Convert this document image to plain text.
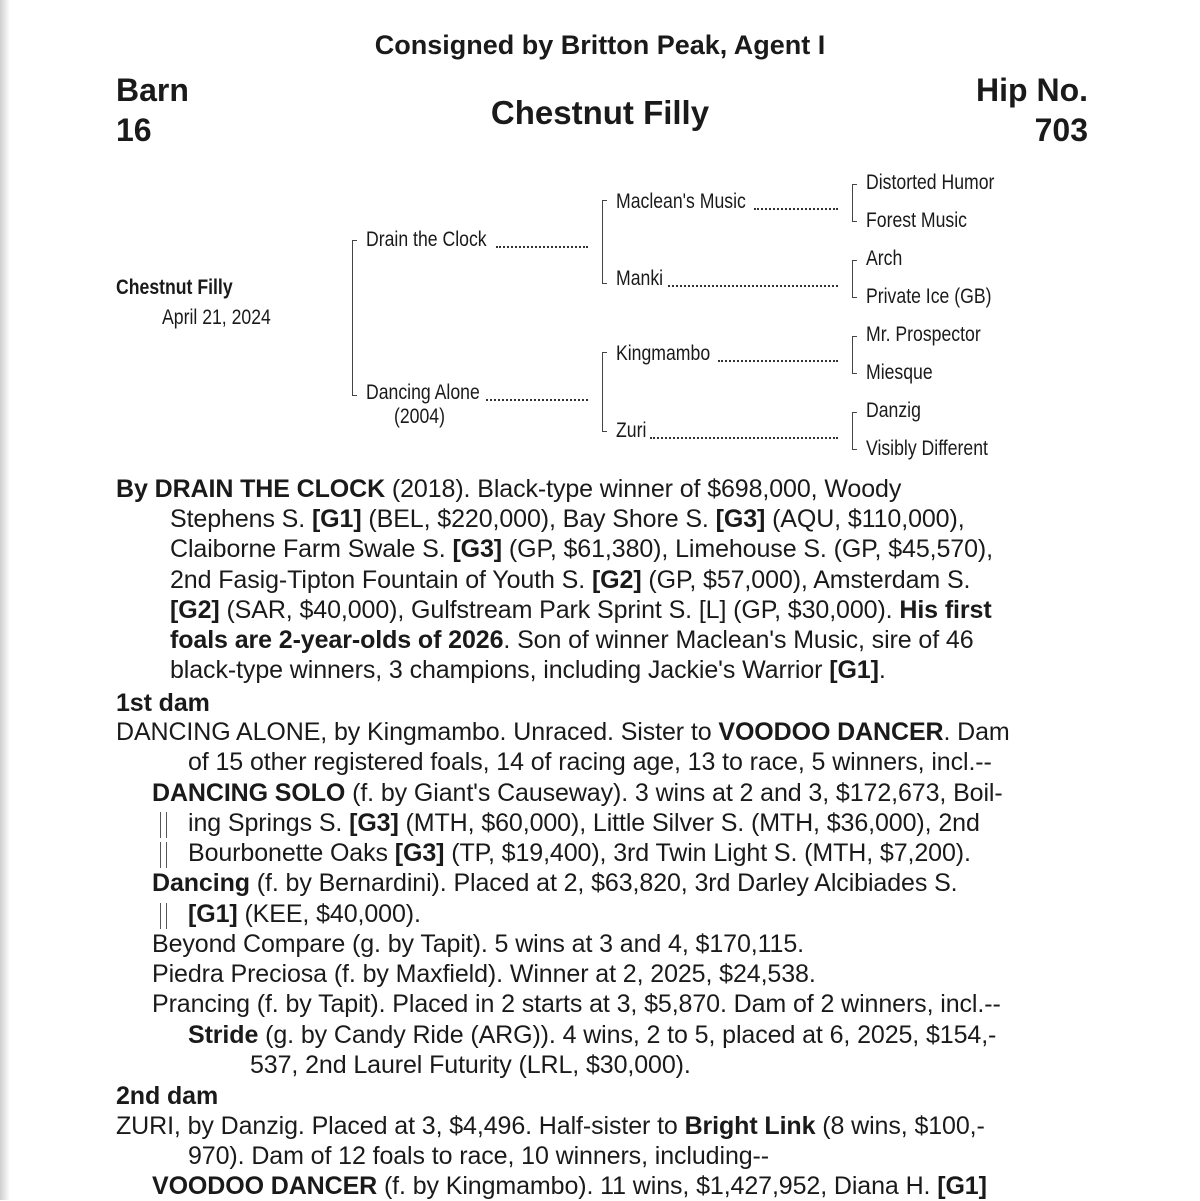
Consigned by Britton Peak, Agent I
Barn
16
Hip No.
703
Chestnut Filly
Chestnut Filly
April 21, 2024
Drain the Clock
Dancing Alone
(2004)
Maclean's Music
Manki
Kingmambo
Zuri
Distorted Humor
Forest Music
Arch
Private Ice (GB)
Mr. Prospector
Miesque
Danzig
Visibly Different
By DRAIN THE CLOCK (2018). Black-type winner of $698,000, Woody
Stephens S. [G1] (BEL, $220,000), Bay Shore S. [G3] (AQU, $110,000),
Claiborne Farm Swale S. [G3] (GP, $61,380), Limehouse S. (GP, $45,570),
2nd Fasig-Tipton Fountain of Youth S. [G2] (GP, $57,000), Amsterdam S.
[G2] (SAR, $40,000), Gulfstream Park Sprint S. [L] (GP, $30,000). His first
foals are 2-year-olds of 2026. Son of winner Maclean's Music, sire of 46
black-type winners, 3 champions, including Jackie's Warrior [G1].
1st dam
DANCING ALONE, by Kingmambo. Unraced. Sister to VOODOO DANCER. Dam
of 15 other registered foals, 14 of racing age, 13 to race, 5 winners, incl.--
DANCING SOLO (f. by Giant's Causeway). 3 wins at 2 and 3, $172,673, Boil-
ing Springs S. [G3] (MTH, $60,000), Little Silver S. (MTH, $36,000), 2nd
Bourbonette Oaks [G3] (TP, $19,400), 3rd Twin Light S. (MTH, $7,200).
Dancing (f. by Bernardini). Placed at 2, $63,820, 3rd Darley Alcibiades S.
[G1] (KEE, $40,000).
Beyond Compare (g. by Tapit). 5 wins at 3 and 4, $170,115.
Piedra Preciosa (f. by Maxfield). Winner at 2, 2025, $24,538.
Prancing (f. by Tapit). Placed in 2 starts at 3, $5,870. Dam of 2 winners, incl.--
Stride (g. by Candy Ride (ARG)). 4 wins, 2 to 5, placed at 6, 2025, $154,-
537, 2nd Laurel Futurity (LRL, $30,000).
2nd dam
ZURI, by Danzig. Placed at 3, $4,496. Half-sister to Bright Link (8 wins, $100,-
970). Dam of 12 foals to race, 10 winners, including--
VOODOO DANCER (f. by Kingmambo). 11 wins, $1,427,952, Diana H. [G1]
